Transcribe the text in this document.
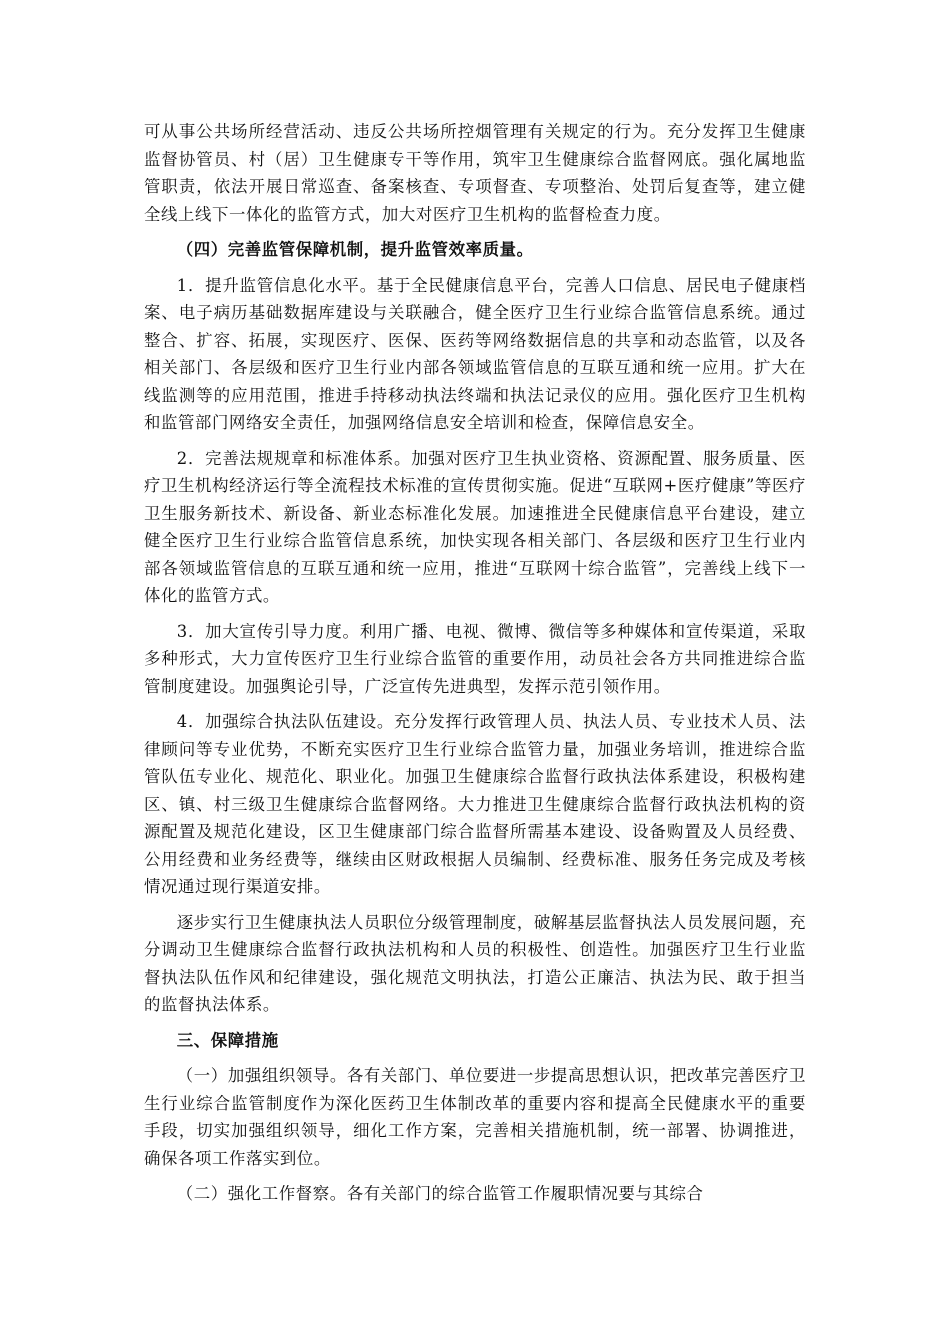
可从事公共场所经营活动、违反公共场所控烟管理有关规定的行为。充分发挥卫生健康监督协管员、村（居）卫生健康专干等作用，筑牢卫生健康综合监督网底。强化属地监管职责，依法开展日常巡查、备案核查、专项督查、专项整治、处罚后复查等，建立健全线上线下一体化的监管方式，加大对医疗卫生机构的监督检查力度。

（四）完善监管保障机制，提升监管效率质量。

1．提升监管信息化水平。基于全民健康信息平台，完善人口信息、居民电子健康档案、电子病历基础数据库建设与关联融合，健全医疗卫生行业综合监管信息系统。通过整合、扩容、拓展，实现医疗、医保、医药等网络数据信息的共享和动态监管，以及各相关部门、各层级和医疗卫生行业内部各领域监管信息的互联互通和统一应用。扩大在线监测等的应用范围，推进手持移动执法终端和执法记录仪的应用。强化医疗卫生机构和监管部门网络安全责任，加强网络信息安全培训和检查，保障信息安全。

2．完善法规规章和标准体系。加强对医疗卫生执业资格、资源配置、服务质量、医疗卫生机构经济运行等全流程技术标准的宣传贯彻实施。促进“互联网+医疗健康”等医疗卫生服务新技术、新设备、新业态标准化发展。加速推进全民健康信息平台建设，建立健全医疗卫生行业综合监管信息系统，加快实现各相关部门、各层级和医疗卫生行业内部各领域监管信息的互联互通和统一应用，推进“互联网十综合监管”，完善线上线下一体化的监管方式。

3．加大宣传引导力度。利用广播、电视、微博、微信等多种媒体和宣传渠道，采取多种形式，大力宣传医疗卫生行业综合监管的重要作用，动员社会各方共同推进综合监管制度建设。加强舆论引导，广泛宣传先进典型，发挥示范引领作用。

4．加强综合执法队伍建设。充分发挥行政管理人员、执法人员、专业技术人员、法律顾问等专业优势，不断充实医疗卫生行业综合监管力量，加强业务培训，推进综合监管队伍专业化、规范化、职业化。加强卫生健康综合监督行政执法体系建设，积极构建区、镇、村三级卫生健康综合监督网络。大力推进卫生健康综合监督行政执法机构的资源配置及规范化建设，区卫生健康部门综合监督所需基本建设、设备购置及人员经费、公用经费和业务经费等，继续由区财政根据人员编制、经费标准、服务任务完成及考核情况通过现行渠道安排。

逐步实行卫生健康执法人员职位分级管理制度，破解基层监督执法人员发展问题，充分调动卫生健康综合监督行政执法机构和人员的积极性、创造性。加强医疗卫生行业监督执法队伍作风和纪律建设，强化规范文明执法，打造公正廉洁、执法为民、敢于担当的监督执法体系。

三、保障措施

（一）加强组织领导。各有关部门、单位要进一步提高思想认识，把改革完善医疗卫生行业综合监管制度作为深化医药卫生体制改革的重要内容和提高全民健康水平的重要手段，切实加强组织领导，细化工作方案，完善相关措施机制，统一部署、协调推进，确保各项工作落实到位。

（二）强化工作督察。各有关部门的综合监管工作履职情况要与其综合
